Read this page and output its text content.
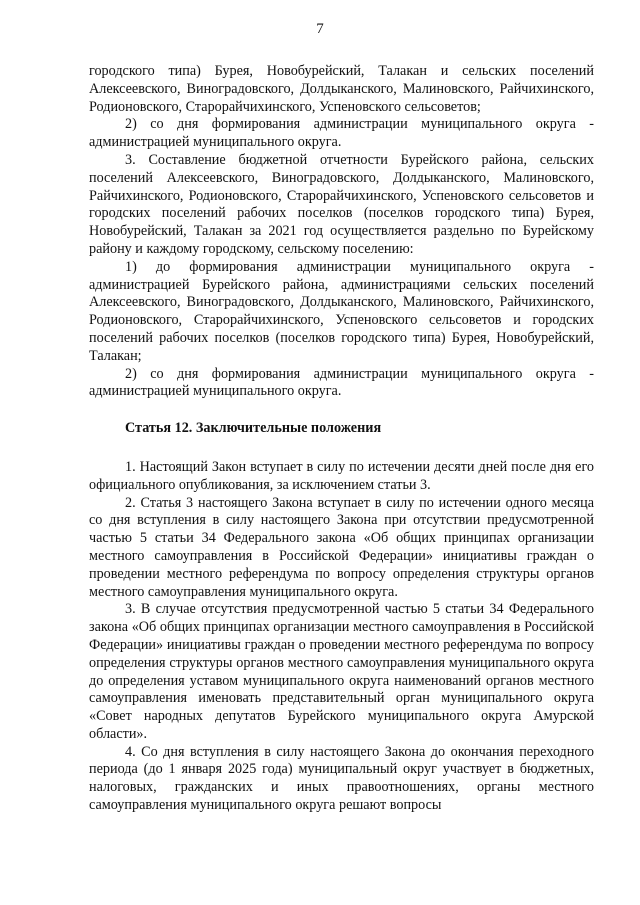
7

городского типа) Бурея, Новобурейский, Талакан и сельских поселений Алексеевского, Виноградовского, Долдыканского, Малиновского, Райчихинского, Родионовского, Старорайчихинского, Успеновского сельсоветов;

2) со дня формирования администрации муниципального округа - администрацией муниципального округа.

3. Составление бюджетной отчетности Бурейского района, сельских поселений Алексеевского, Виноградовского, Долдыканского, Малиновского, Райчихинского, Родионовского, Старорайчихинского, Успеновского сельсоветов и городских поселений рабочих поселков (поселков городского типа) Бурея, Новобурейский, Талакан за 2021 год осуществляется раздельно по Бурейскому району и каждому городскому, сельскому поселению:

1) до формирования администрации муниципального округа - администрацией Бурейского района, администрациями сельских поселений Алексеевского, Виноградовского, Долдыканского, Малиновского, Райчихинского, Родионовского, Старорайчихинского, Успеновского сельсоветов и городских поселений рабочих поселков (поселков городского типа) Бурея, Новобурейский, Талакан;

2) со дня формирования администрации муниципального округа - администрацией муниципального округа.

Статья 12. Заключительные положения

1. Настоящий Закон вступает в силу по истечении десяти дней после дня его официального опубликования, за исключением статьи 3.

2. Статья 3 настоящего Закона вступает в силу по истечении одного месяца со дня вступления в силу настоящего Закона при отсутствии предусмотренной частью 5 статьи 34 Федерального закона «Об общих принципах организации местного самоуправления в Российской Федерации» инициативы граждан о проведении местного референдума по вопросу определения структуры органов местного самоуправления муниципального округа.

3. В случае отсутствия предусмотренной частью 5 статьи 34 Федерального закона «Об общих принципах организации местного самоуправления в Российской Федерации» инициативы граждан о проведении местного референдума по вопросу определения структуры органов местного самоуправления муниципального округа до определения уставом муниципального округа наименований органов местного самоуправления именовать представительный орган муниципального округа «Совет народных депутатов Бурейского муниципального округа Амурской области».

4. Со дня вступления в силу настоящего Закона до окончания переходного периода (до 1 января 2025 года) муниципальный округ участвует в бюджетных, налоговых, гражданских и иных правоотношениях, органы местного самоуправления муниципального округа решают вопросы
